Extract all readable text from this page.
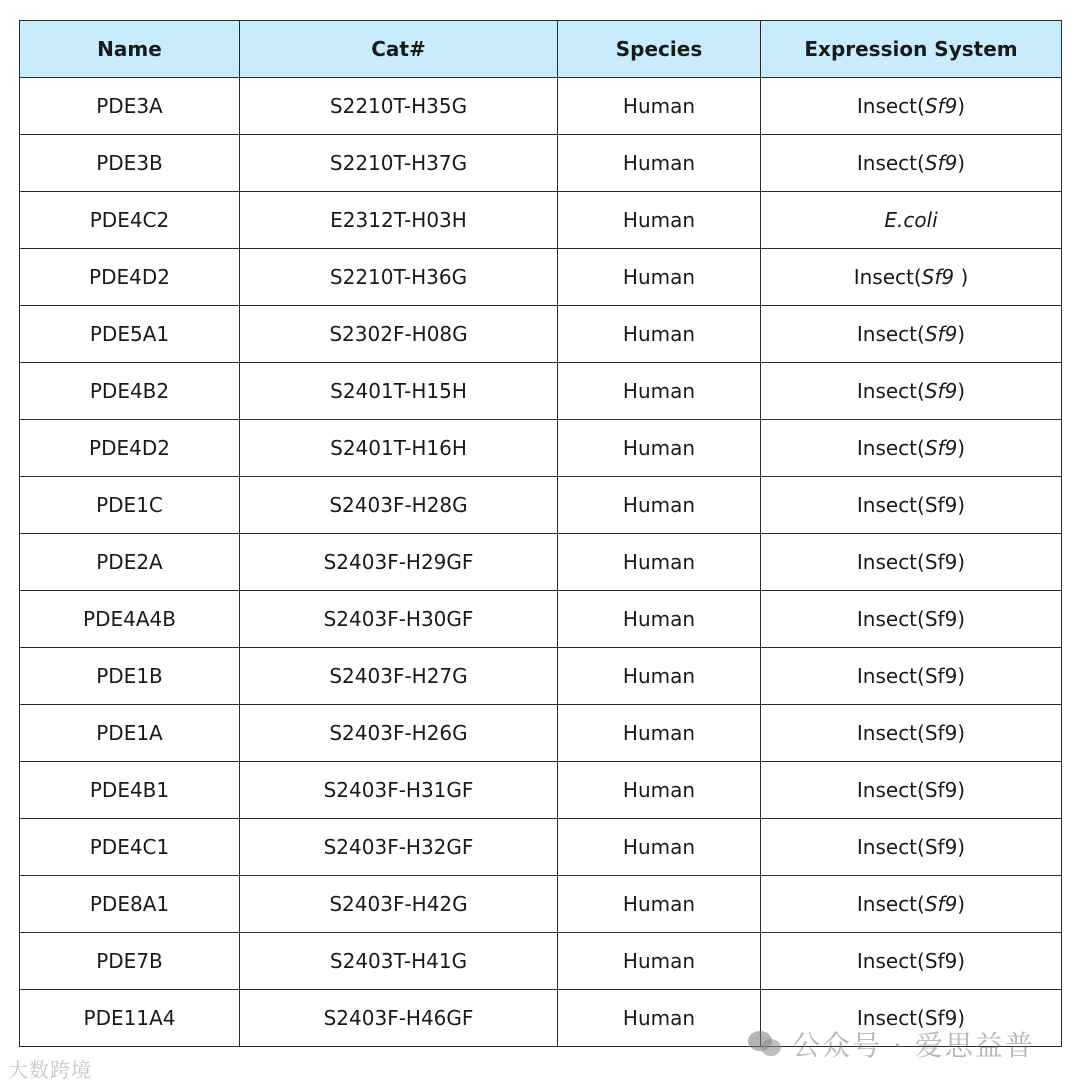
Name	Cat#	Species	Expression System
PDE3A	S2210T-H35G	Human	Insect(Sf9)
PDE3B	S2210T-H37G	Human	Insect(Sf9)
PDE4C2	E2312T-H03H	Human	E.coli
PDE4D2	S2210T-H36G	Human	Insect(Sf9 )
PDE5A1	S2302F-H08G	Human	Insect(Sf9)
PDE4B2	S2401T-H15H	Human	Insect(Sf9)
PDE4D2	S2401T-H16H	Human	Insect(Sf9)
PDE1C	S2403F-H28G	Human	Insect(Sf9)
PDE2A	S2403F-H29GF	Human	Insect(Sf9)
PDE4A4B	S2403F-H30GF	Human	Insect(Sf9)
PDE1B	S2403F-H27G	Human	Insect(Sf9)
PDE1A	S2403F-H26G	Human	Insect(Sf9)
PDE4B1	S2403F-H31GF	Human	Insect(Sf9)
PDE4C1	S2403F-H32GF	Human	Insect(Sf9)
PDE8A1	S2403F-H42G	Human	Insect(Sf9)
PDE7B	S2403T-H41G	Human	Insect(Sf9)
PDE11A4	S2403F-H46GF	Human	Insect(Sf9)
大数跨境
公众号 · 爱思益普
